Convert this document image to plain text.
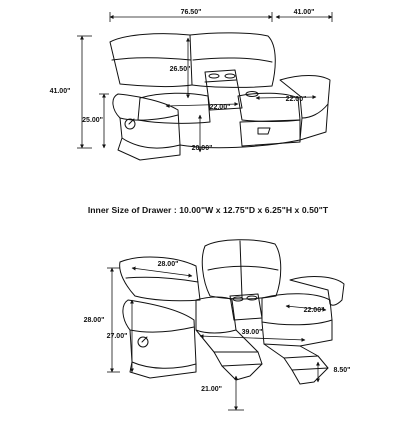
76.50"	41.00"
41.00"
25.00"
26.50"
20.00"
22.00"
22.00"
28.00"
28.00"
27.00"
39.00"
22.00"
8.50"
21.00"
Inner Size of Drawer : 10.00"W x 12.75"D x 6.25"H x 0.50"T
